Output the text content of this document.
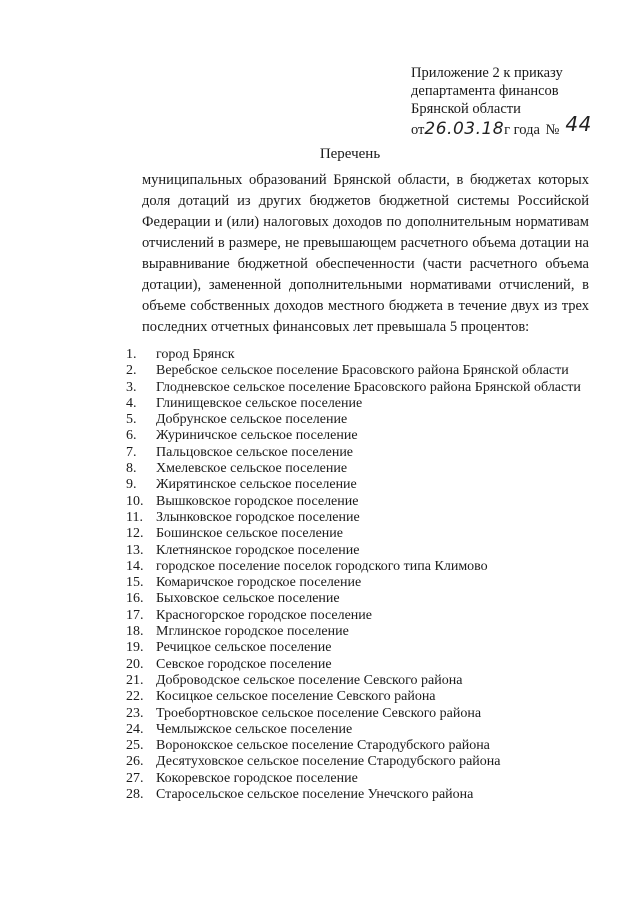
Приложение 2 к приказу
департамента финансов
Брянской области
от26.03.18г года № 44
Перечень

муниципальных образований Брянской области, в бюджетах которых доля дотаций из других бюджетов бюджетной системы Российской Федерации и (или) налоговых доходов по дополнительным нормативам отчислений в размере, не превышающем расчетного объема дотации на выравнивание бюджетной обеспеченности (части расчетного объема дотации), замененной дополнительными нормативами отчислений, в объеме собственных доходов местного бюджета в течение двух из трех последних отчетных финансовых лет превышала 5 процентов:

1.	город Брянск
2.	Веребское сельское поселение Брасовского района Брянской области
3.	Глодневское сельское поселение Брасовского района Брянской области
4.	Глинищевское сельское поселение
5.	Добрунское сельское поселение
6.	Журиничское сельское поселение
7.	Пальцовское сельское поселение
8.	Хмелевское сельское поселение
9.	Жирятинское сельское поселение
10. Вышковское городское поселение
11. Злынковское городское поселение
12. Бошинское сельское поселение
13. Клетнянское городское поселение
14. городское поселение поселок городского типа Климово
15. Комаричское городское поселение
16. Быховское сельское поселение
17. Красногорское городское поселение
18. Мглинское городское поселение
19. Речицкое сельское поселение
20. Севское городское поселение
21. Доброводское сельское поселение Севского района
22. Косицкое сельское поселение Севского района
23. Троебортновское сельское поселение Севского района
24. Чемлыжское сельское поселение
25. Воронокское сельское поселение Стародубского района
26. Десятуховское сельское поселение Стародубского района
27. Кокоревское городское поселение
28. Старосельское сельское поселение Унечского района
